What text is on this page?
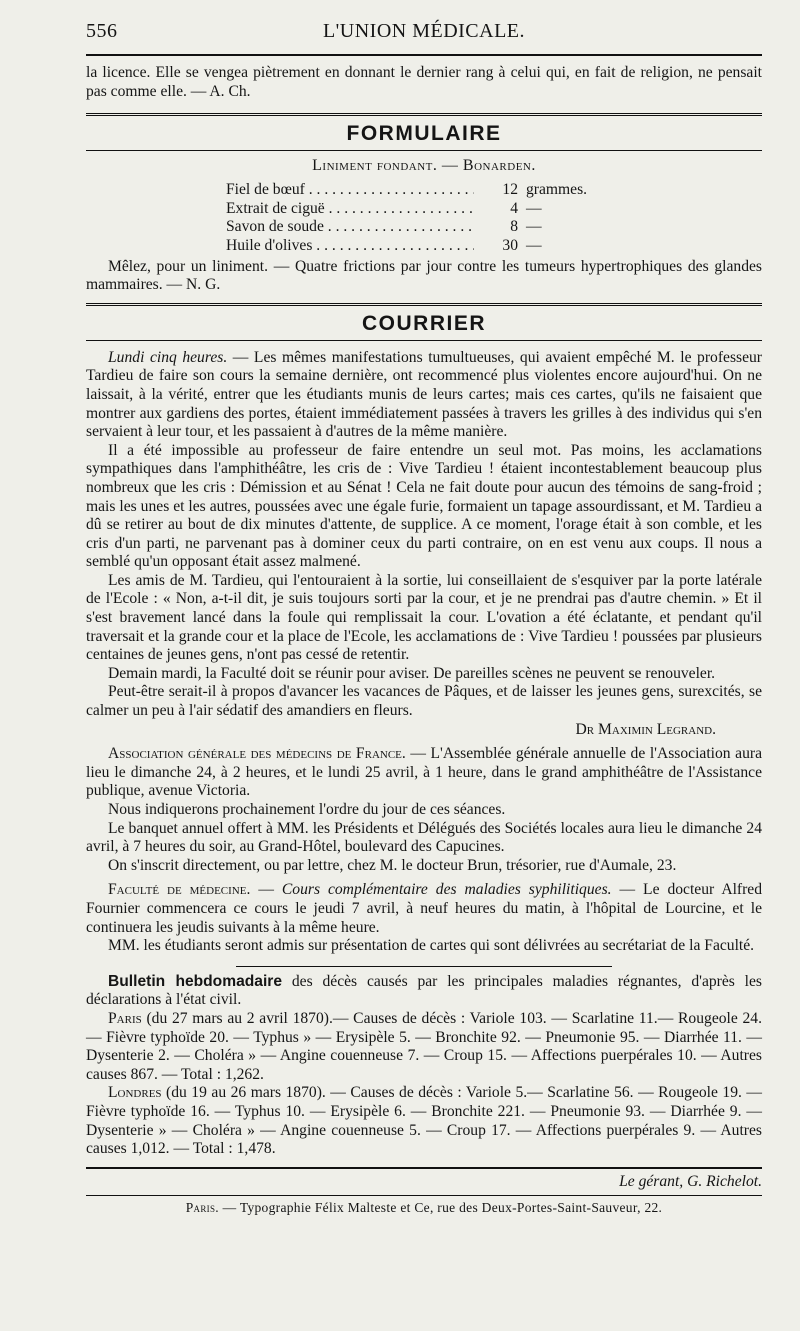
556	L'UNION MÉDICALE.

la licence. Elle se vengea piètrement en donnant le dernier rang à celui qui, en fait de religion, ne pensait pas comme elle. — A. Ch.

FORMULAIRE
Liniment fondant. — Bonarden.
Fiel de bœuf . . .	12 grammes.
Extrait de ciguë . . .	4 —
Savon de soude . . .	8 —
Huile d'olives . . .	30 —

Mêlez, pour un liniment. — Quatre frictions par jour contre les tumeurs hypertrophiques des glandes mammaires. — N. G.

COURRIER

Lundi cinq heures. — Les mêmes manifestations tumultueuses, qui avaient empêché M. le professeur Tardieu de faire son cours la semaine dernière, ont recommencé plus violentes encore aujourd'hui. On ne laissait, à la vérité, entrer que les étudiants munis de leurs cartes; mais ces cartes, qu'ils ne faisaient que montrer aux gardiens des portes, étaient immédiatement passées à travers les grilles à des individus qui s'en servaient à leur tour, et les passaient à d'autres de la même manière.

Il a été impossible au professeur de faire entendre un seul mot. Pas moins, les acclamations sympathiques dans l'amphithéâtre, les cris de : Vive Tardieu ! étaient incontestablement beaucoup plus nombreux que les cris : Démission et au Sénat ! Cela ne fait doute pour aucun des témoins de sang-froid ; mais les unes et les autres, poussées avec une égale furie, formaient un tapage assourdissant, et M. Tardieu a dû se retirer au bout de dix minutes d'attente, de supplice. A ce moment, l'orage était à son comble, et les cris d'un parti, ne parvenant pas à dominer ceux du parti contraire, on en est venu aux coups. Il nous a semblé qu'un opposant était assez malmené.

Les amis de M. Tardieu, qui l'entouraient à la sortie, lui conseillaient de s'esquiver par la porte latérale de l'Ecole : « Non, a-t-il dit, je suis toujours sorti par la cour, et je ne prendrai pas d'autre chemin. » Et il s'est bravement lancé dans la foule qui remplissait la cour. L'ovation a été éclatante, et pendant qu'il traversait et la grande cour et la place de l'Ecole, les acclamations de : Vive Tardieu ! poussées par plusieurs centaines de jeunes gens, n'ont pas cessé de retentir.

Demain mardi, la Faculté doit se réunir pour aviser. De pareilles scènes ne peuvent se renouveler.

Peut-être serait-il à propos d'avancer les vacances de Pâques, et de laisser les jeunes gens, surexcités, se calmer un peu à l'air sédatif des amandiers en fleurs.

Dr Maximin Legrand.

Association générale des médecins de France. — L'Assemblée générale annuelle de l'Association aura lieu le dimanche 24, à 2 heures, et le lundi 25 avril, à 1 heure, dans le grand amphithéâtre de l'Assistance publique, avenue Victoria.

Nous indiquerons prochainement l'ordre du jour de ces séances.

Le banquet annuel offert à MM. les Présidents et Délégués des Sociétés locales aura lieu le dimanche 24 avril, à 7 heures du soir, au Grand-Hôtel, boulevard des Capucines.

On s'inscrit directement, ou par lettre, chez M. le docteur Brun, trésorier, rue d'Aumale, 23.

Faculté de médecine. — Cours complémentaire des maladies syphilitiques. — Le docteur Alfred Fournier commencera ce cours le jeudi 7 avril, à neuf heures du matin, à l'hôpital de Lourcine, et le continuera les jeudis suivants à la même heure.

MM. les étudiants seront admis sur présentation de cartes qui sont délivrées au secrétariat de la Faculté.

Bulletin hebdomadaire des décès causés par les principales maladies régnantes, d'après les déclarations à l'état civil.

Paris (du 27 mars au 2 avril 1870).— Causes de décès : Variole 103. — Scarlatine 11.— Rougeole 24. — Fièvre typhoïde 20. — Typhus » — Erysipèle 5. — Bronchite 92. — Pneumonie 95. — Diarrhée 11. — Dysenterie 2. — Choléra » — Angine couenneuse 7. — Croup 15. — Affections puerpérales 10. — Autres causes 867. — Total : 1,262.

Londres (du 19 au 26 mars 1870). — Causes de décès : Variole 5.— Scarlatine 56. — Rougeole 19. — Fièvre typhoïde 16. — Typhus 10. — Erysipèle 6. — Bronchite 221. — Pneumonie 93. — Diarrhée 9. — Dysenterie » — Choléra » — Angine couenneuse 5. — Croup 17. — Affections puerpérales 9. — Autres causes 1,012. — Total : 1,478.

Le gérant, G. Richelot.
Paris. — Typographie Félix Malteste et Ce, rue des Deux-Portes-Saint-Sauveur, 22.
